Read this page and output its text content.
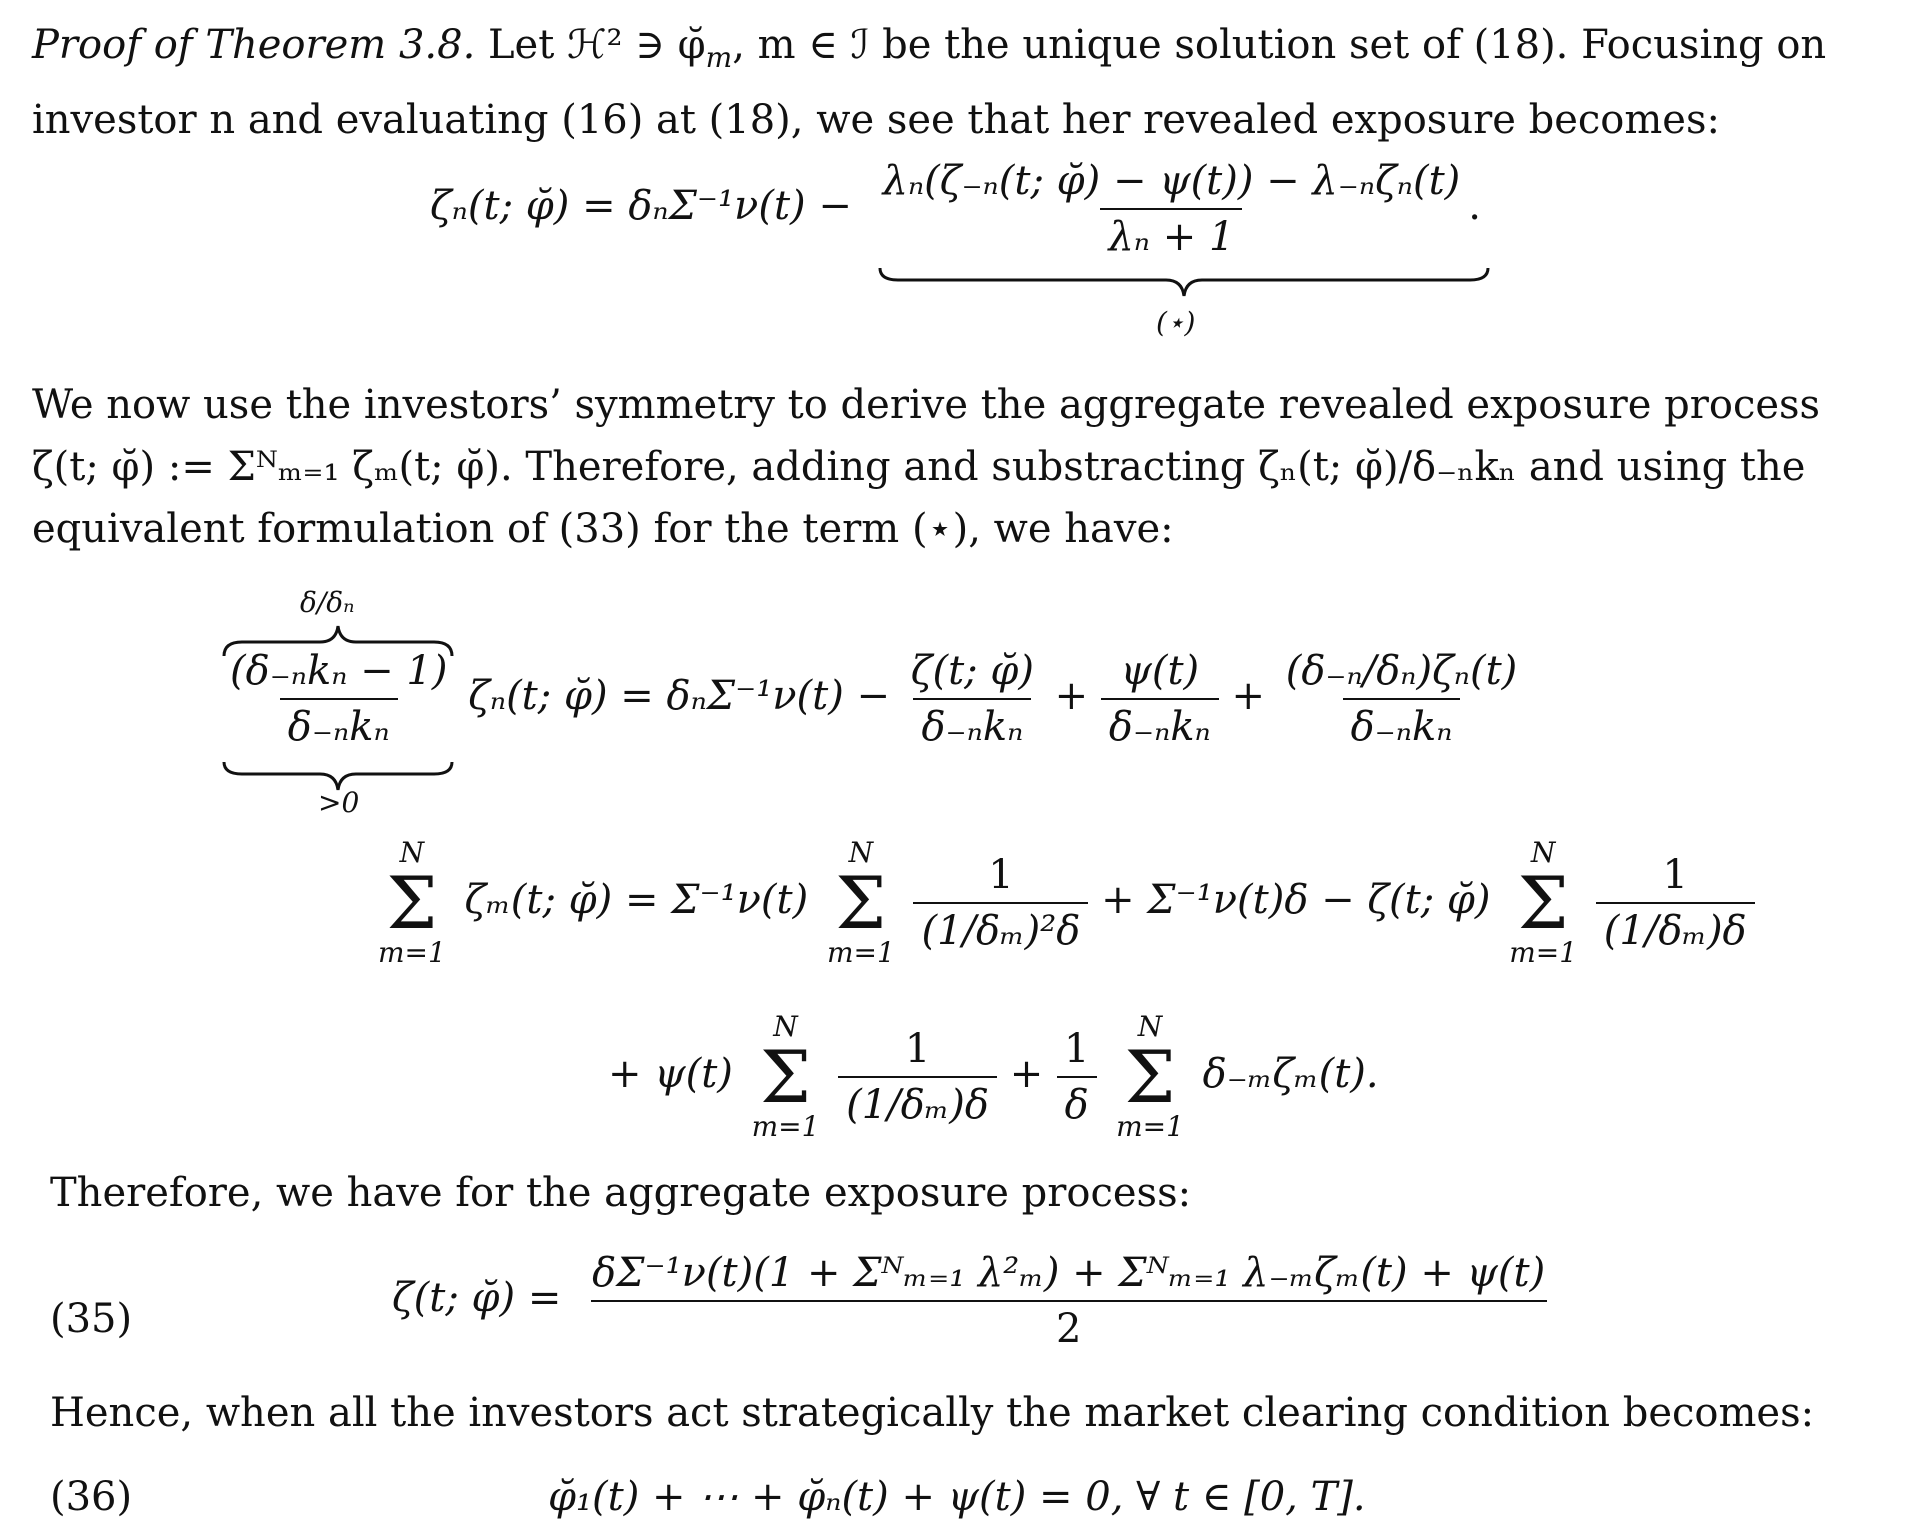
Proof of Theorem 3.8. Let ℋ² ∋ $\varphĭ_m$, m ∈ ℐ be the unique solution set of (18). Focusing on investor n and evaluating (16) at (18), we see that her revealed exposure becomes:
ζₙ(t; φ̆) = $\delta_n\Sigma^{-1}\nu(t) - \frac{\text{λₙ(ζ₋ₙ(t; φ̆) − ψ(t)) − λ₋ₙζₙ(t)}}{\text{λₙ + 1}}$ .
(⋆)
We now use the investors’ symmetry to derive the aggregate revealed exposure process ζ(t; φ̆) := Σᴺₘ₌₁ ζₘ(t; φ̆). Therefore, adding and substracting ζₙ(t; φ̆)/δ₋ₙkₙ and using the equivalent formulation of (33) for the term (⋆), we have:
δ/δₙ
$\frac{\text{(δ₋ₙkₙ − 1)}}{\text{δ₋ₙkₙ}} \zeta_n(t$; φ̆) = $\delta_n\Sigma^{-1}\nu(t) - \frac{\zeta(t; \varphĭ)}{\text{δ₋ₙkₙ}} + \frac{\psi(t)}{\text{δ₋ₙkₙ}} + \frac{\text{(δ₋ₙ/δₙ)ζₙ(t)}}{\text{δ₋ₙkₙ}}$
>0
N
Σ
m=1
ζₘ(t; φ̆) = Σ⁻¹ν(t)
N
Σ
m=1
$\frac{1}{\text{(1/δₘ)²δ}} + \Sigma^{-1}\nu(t)\delta - \zeta(t$; φ̆)
N
Σ
m=1
$\frac{1}{\text{(1/δₘ)δ}}$
+ ψ(t)
N
Σ
m=1
$\frac{1}{\text{(1/δₘ)δ}} + \frac{1}{\delta}$
N
Σ
m=1
δ₋ₘζₘ(t).
Therefore, we have for the aggregate exposure process:
(35)	ζ(t; φ̆) = $\frac{\text{δΣ⁻¹ν(t)(1 + Σᴺₘ₌₁ λ²ₘ) + Σᴺₘ₌₁ λ₋ₘζₘ(t) + ψ(t)}}{2}$
Hence, when all the investors act strategically the market clearing condition becomes:
(36)	φ̆₁(t) + ⋯ + φ̆ₙ(t) + ψ(t) = 0, ∀ t ∈ [0, T].
